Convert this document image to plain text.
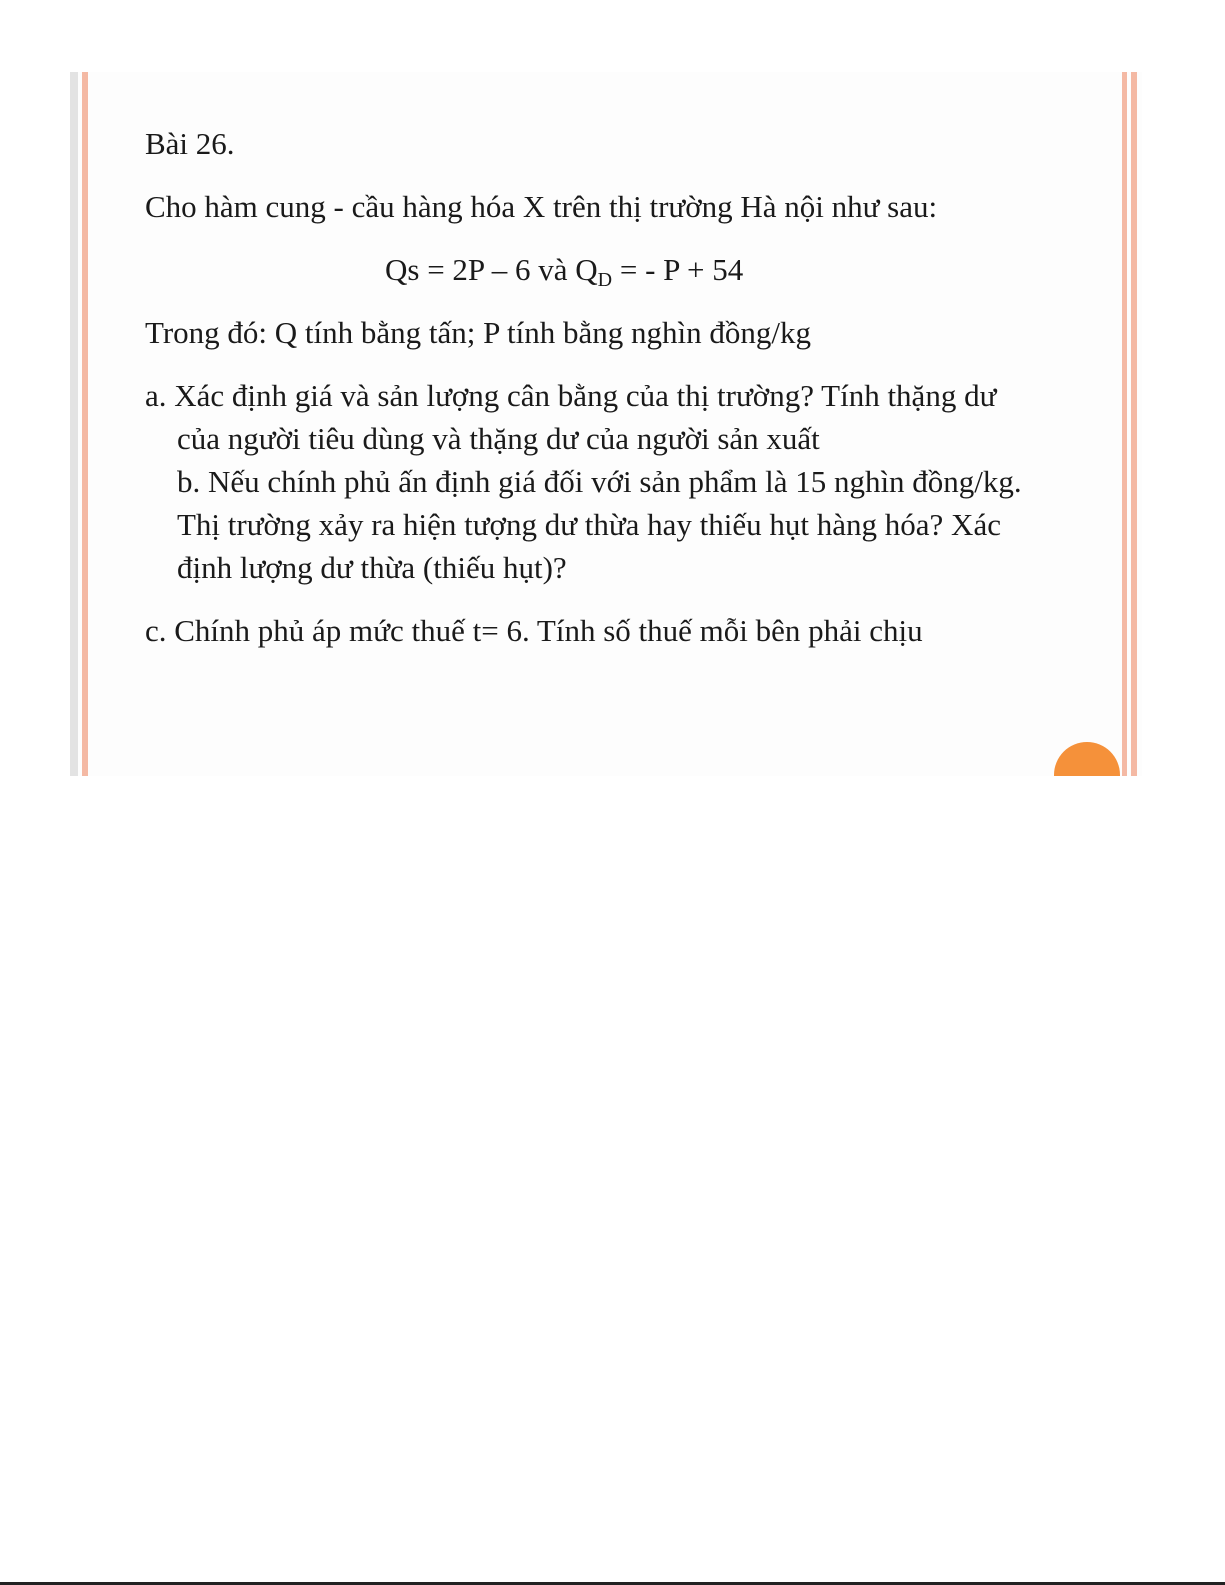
Bài 26.
Cho hàm cung - cầu hàng hóa X trên thị trường Hà nội như sau:
Qs = 2P – 6 và $Q_D$ = - P + 54
Trong đó: Q tính bằng tấn; P tính bằng nghìn đồng/kg
a. Xác định giá và sản lượng cân bằng của thị trường? Tính thặng dư của người tiêu dùng và thặng dư của người sản xuất
b. Nếu chính phủ ấn định giá đối với sản phẩm là 15 nghìn đồng/kg. Thị trường xảy ra hiện tượng dư thừa hay thiếu hụt hàng hóa? Xác định lượng dư thừa (thiếu hụt)?
c. Chính phủ áp mức thuế t= 6. Tính số thuế mỗi bên phải chịu
